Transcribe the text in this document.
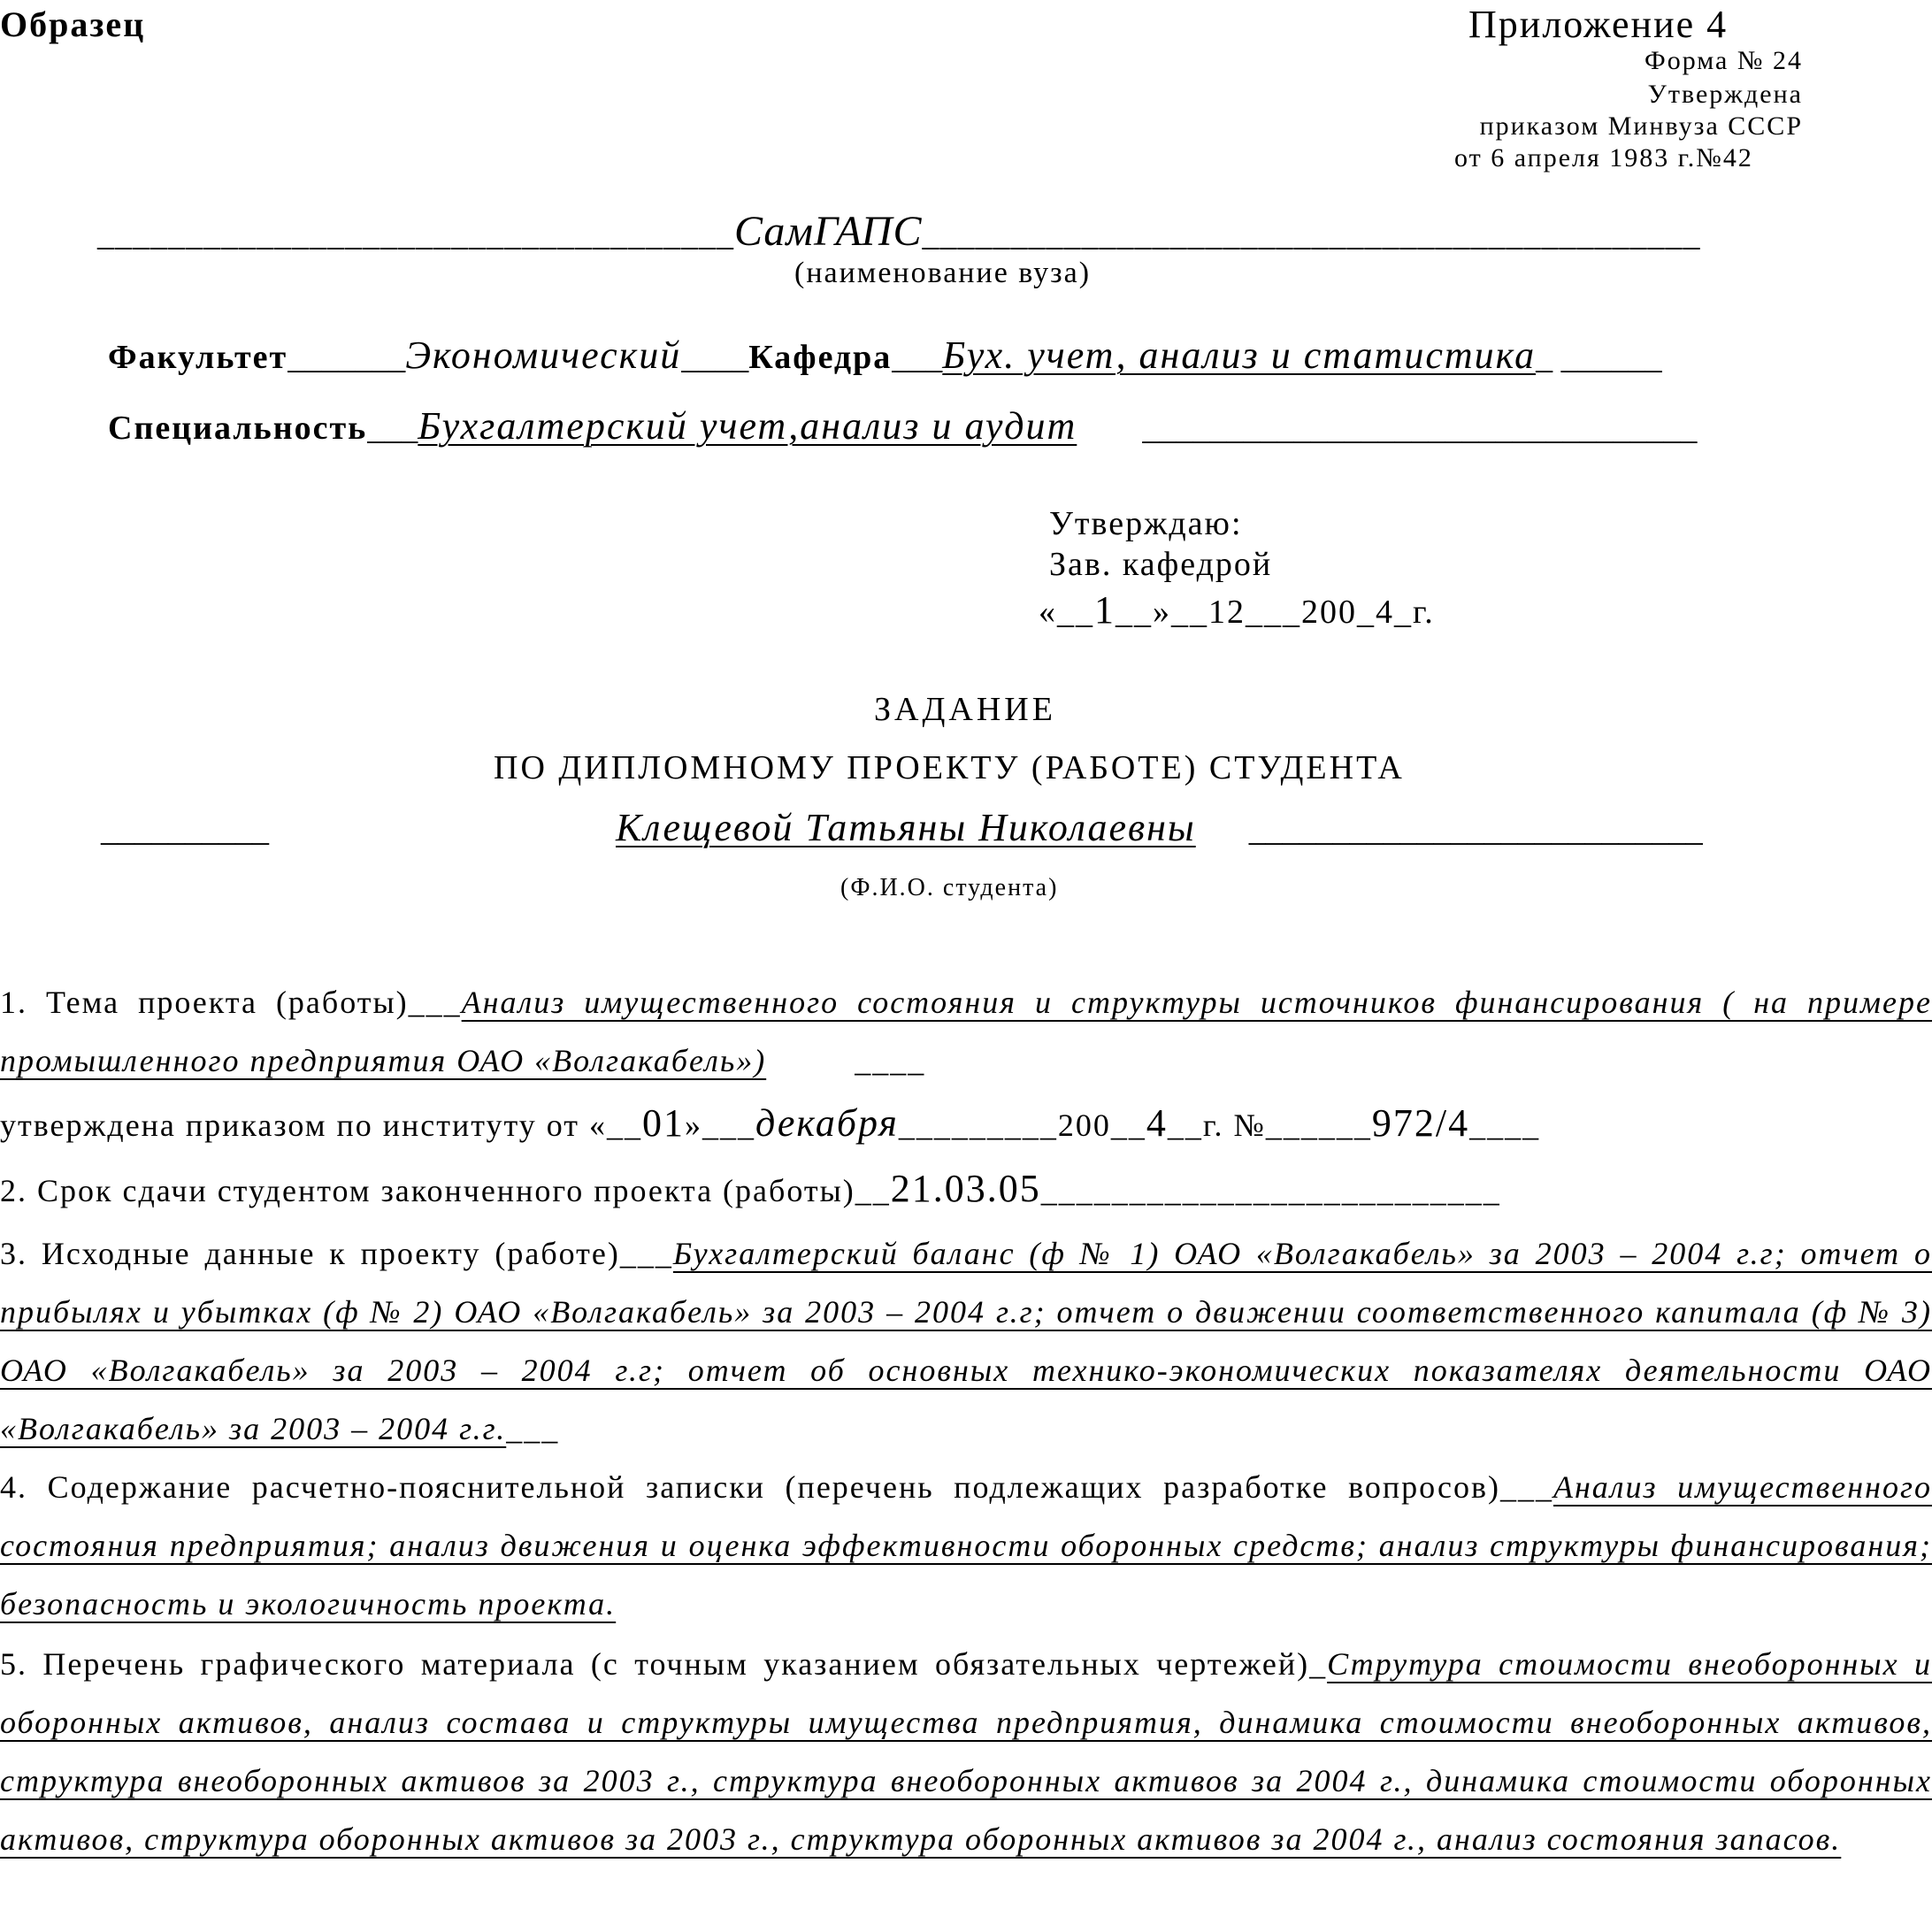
Образец	Приложение 4
Форма № 24
Утверждена
приказом Минвуза СССР
от 6 апреля 1983 г.№42
____________________________________СамГАПС____________________________________________
(наименование вуза)
Факультет_______Экономический____Кафедра___Бух. учет, анализ и статистика_ ______
Специальность___Бухгалтерский учет,анализ и аудит _________________________________
Утверждаю:
Зав. кафедрой
«__1__»__12___200_4_г.
ЗАДАНИЕ
ПО ДИПЛОМНОМУ ПРОЕКТУ (РАБОТЕ) СТУДЕНТА
__________	Клещевой Татьяны Николаевны ___________________________
(Ф.И.О. студента)
1. Тема проекта (работы)___Анализ имущественного состояния и структуры источников финансирования ( на примере промышленного предприятия ОАО «Волгакабель»)	____
утверждена приказом по институту от «__01»___декабря_________200__4__г. №______972/4____
2. Срок сдачи студентом законченного проекта (работы)__21.03.05__________________________
3. Исходные данные к проекту (работе)___Бухгалтерский баланс (ф № 1) ОАО «Волгакабель» за 2003 – 2004 г.г; отчет о прибылях и убытках (ф № 2) ОАО «Волгакабель» за 2003 – 2004 г.г; отчет о движении соответственного капитала (ф № 3) ОАО «Волгакабель» за 2003 – 2004 г.г; отчет об основных технико-экономических показателях деятельности ОАО «Волгакабель» за 2003 – 2004 г.г.___
4. Содержание расчетно-пояснительной записки (перечень подлежащих разработке вопросов)___Анализ имущественного состояния предприятия; анализ движения и оценка эффективности оборонных средств; анализ структуры финансирования; безопасность и экологичность проекта.
5. Перечень графического материала (с точным указанием обязательных чертежей)_Струтура стоимости внеоборонных и оборонных активов, анализ состава и структуры имущества предприятия, динамика стоимости внеоборонных активов, структура внеоборонных активов за 2003 г., структура внеоборонных активов за 2004 г., динамика стоимости оборонных активов, структура оборонных активов за 2003 г., структура оборонных активов за 2004 г., анализ состояния запасов.
